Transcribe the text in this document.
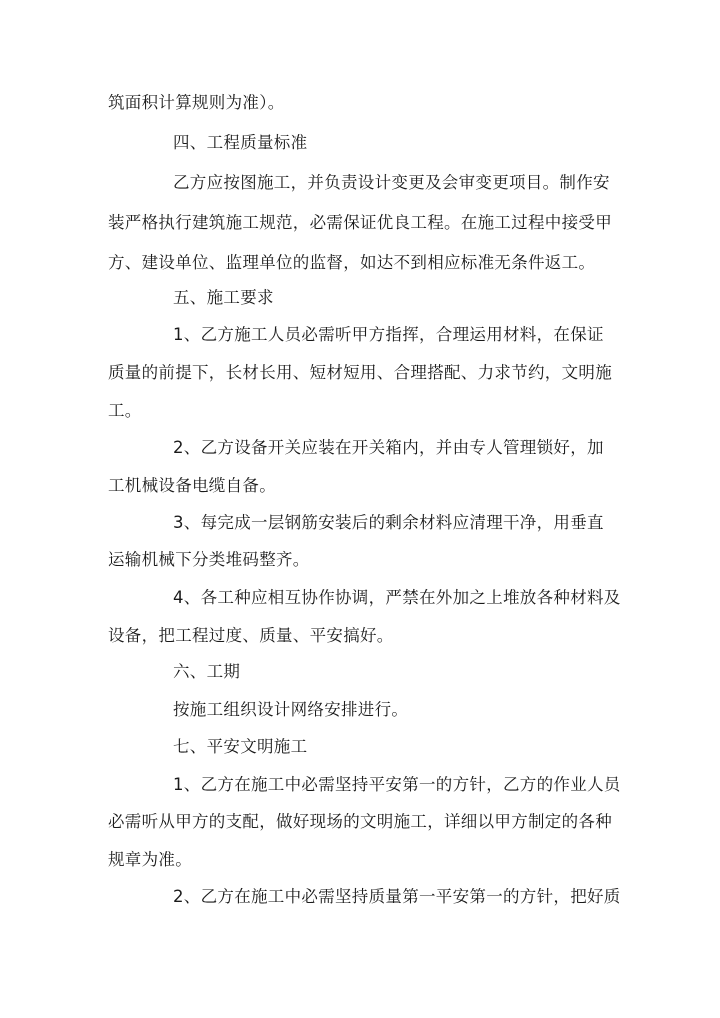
筑面积计算规则为准）。
四、工程质量标准
乙方应按图施工，并负责设计变更及会审变更项目。制作安
装严格执行建筑施工规范，必需保证优良工程。在施工过程中接受甲
方、建设单位、监理单位的监督，如达不到相应标准无条件返工。
五、施工要求
1、乙方施工人员必需听甲方指挥，合理运用材料，在保证
质量的前提下，长材长用、短材短用、合理搭配、力求节约，文明施
工。
2、乙方设备开关应装在开关箱内，并由专人管理锁好，加
工机械设备电缆自备。
3、每完成一层钢筋安装后的剩余材料应清理干净，用垂直
运输机械下分类堆码整齐。
4、各工种应相互协作协调，严禁在外加之上堆放各种材料及
设备，把工程过度、质量、平安搞好。
六、工期
按施工组织设计网络安排进行。
七、平安文明施工
1、乙方在施工中必需坚持平安第一的方针，乙方的作业人员
必需听从甲方的支配，做好现场的文明施工，详细以甲方制定的各种
规章为准。
2、乙方在施工中必需坚持质量第一平安第一的方针，把好质
